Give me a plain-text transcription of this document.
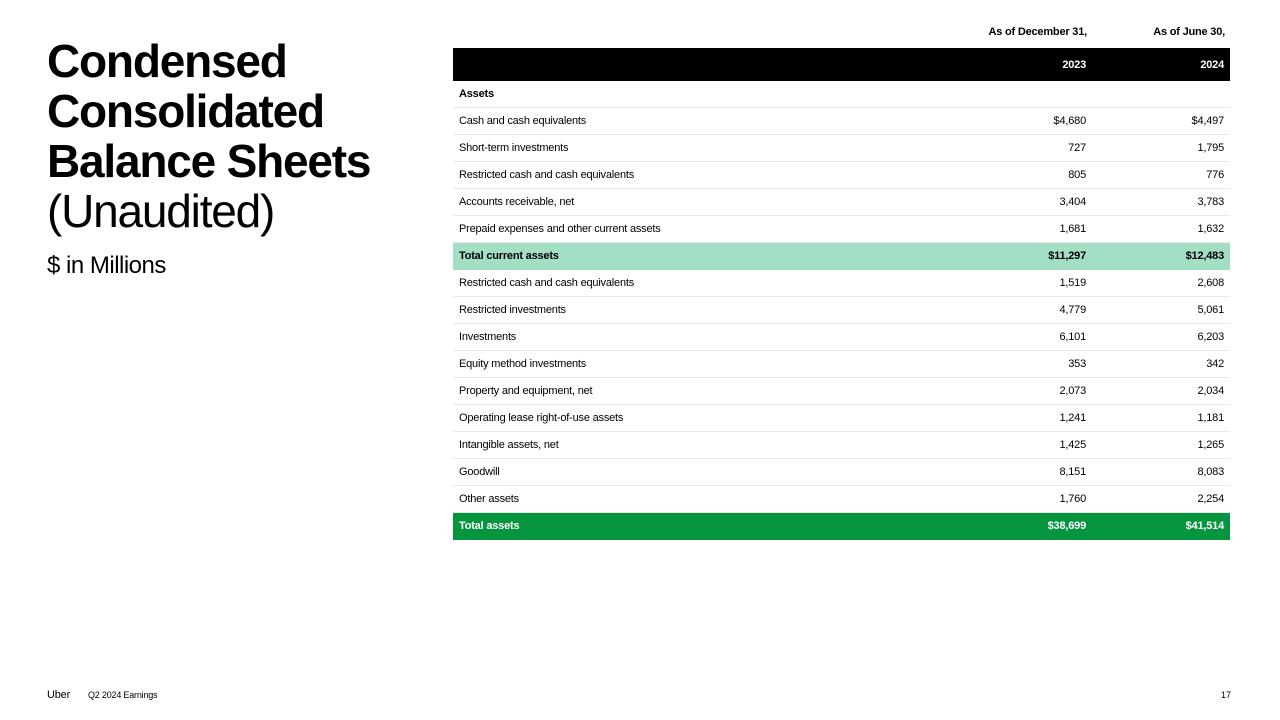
Condensed
Consolidated
Balance Sheets
(Unaudited)
$ in Millions
As of December 31,	As of June 30,
	2023	2024
Assets		
Cash and cash equivalents	$4,680	$4,497
Short-term investments	727	1,795
Restricted cash and cash equivalents	805	776
Accounts receivable, net	3,404	3,783
Prepaid expenses and other current assets	1,681	1,632
Total current assets	$11,297	$12,483
Restricted cash and cash equivalents	1,519	2,608
Restricted investments	4,779	5,061
Investments	6,101	6,203
Equity method investments	353	342
Property and equipment, net	2,073	2,034
Operating lease right-of-use assets	1,241	1,181
Intangible assets, net	1,425	1,265
Goodwill	8,151	8,083
Other assets	1,760	2,254
Total assets	$38,699	$41,514
Uber Q2 2024 Earnings	17
